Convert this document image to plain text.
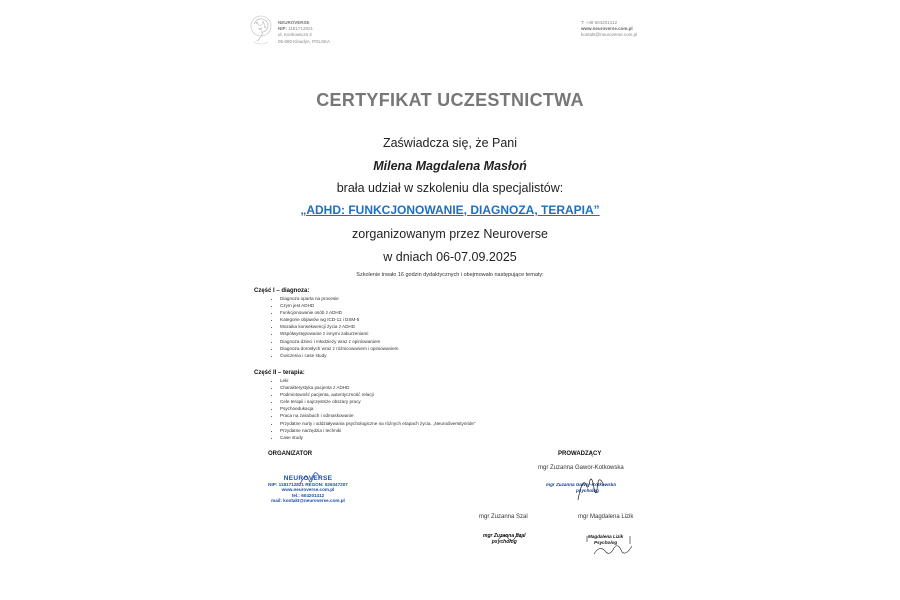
NEUROVERSE
NIP: 1181712821
ul. Konkowicza 3
05-080 Klaudyn, POLSKA
T: +48 604201412
www.neuroverse.com.pl
kontakt@neuroverse.com.pl
CERTYFIKAT UCZESTNICTWA
Zaświadcza się, że Pani
Milena Magdalena Masłoń
brała udział w szkoleniu dla specjalistów:
„ADHD: FUNKCJONOWANIE, DIAGNOZA, TERAPIA”
zorganizowanym przez Neuroverse
w dniach 06-07.09.2025
Szkolenie trwało 16 godzin dydaktycznych i obejmowało następujące tematy:
Część I – diagnoza:
• Diagnoza oparta na procesie
• Czym jest ADHD
• Funkcjonowanie osób z ADHD
• Kategorie objawów wg ICD-11 i DSM-5
• Mozaika konsekwencji życia z ADHD
• Współwystępowanie z innymi zaburzeniami
• Diagnoza dzieci i młodzieży wraz z opiniowaniem
• Diagnoza dorosłych wraz z różnicowaniem i opiniowaniem
• Ćwiczenia i case study
Część II – terapia:
• Leki
• Charakterystyka pacjenta z ADHD
• Podmiotowość pacjenta, autentyczność relacji
• Cele terapii i najczęstsze obszary pracy
• Psychoedukacja
• Praca na zasobach i odmaskowanie
• Przydatne nurty i oddziaływania psychologiczne na różnych etapach życia, „Neurodiversityпride”
• Przydatne narzędzia i techniki
• Case study
ORGANIZATOR	PROWADZĄCY
NEUROVERSE
NIP: 1181712821 REGON: 526347207
www.neuroverse.com.pl
tel.: 604201412
mail: kontakt@neuroverse.com.pl
mgr Zuzanna Gawor-Kotkowska
mgr Zuzanna Gawor-Kotkowska
psycholog
mgr Zuzanna Szal
mgr Zuzanna Szal
psycholog
mgr Magdalena Lizik
Magdalena Lizik
Psycholog
